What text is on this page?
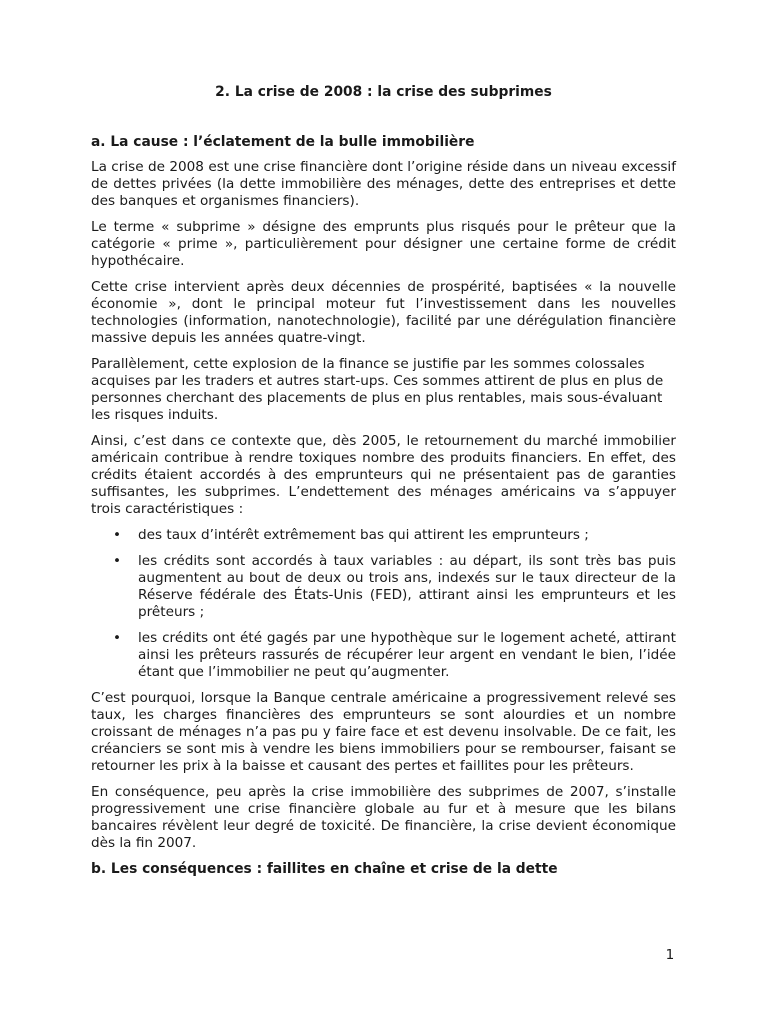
2. La crise de 2008 : la crise des subprimes
a. La cause : l’éclatement de la bulle immobilière

La crise de 2008 est une crise financière dont l’origine réside dans un niveau excessif de dettes privées (la dette immobilière des ménages, dette des entreprises et dette des banques et organismes financiers).

Le terme « subprime » désigne des emprunts plus risqués pour le prêteur que la catégorie « prime », particulièrement pour désigner une certaine forme de crédit hypothécaire.

Cette crise intervient après deux décennies de prospérité, baptisées « la nouvelle économie », dont le principal moteur fut l’investissement dans les nouvelles technologies (information, nanotechnologie), facilité par une dérégulation financière massive depuis les années quatre-vingt.

Parallèlement, cette explosion de la finance se justifie par les sommes colossales acquises par les traders et autres start-ups. Ces sommes attirent de plus en plus de personnes cherchant des placements de plus en plus rentables, mais sous-évaluant les risques induits.

Ainsi, c’est dans ce contexte que, dès 2005, le retournement du marché immobilier américain contribue à rendre toxiques nombre des produits financiers. En effet, des crédits étaient accordés à des emprunteurs qui ne présentaient pas de garanties suffisantes, les subprimes. L’endettement des ménages américains va s’appuyer trois caractéristiques :

• des taux d’intérêt extrêmement bas qui attirent les emprunteurs ;
• les crédits sont accordés à taux variables : au départ, ils sont très bas puis augmentent au bout de deux ou trois ans, indexés sur le taux directeur de la Réserve fédérale des États-Unis (FED), attirant ainsi les emprunteurs et les prêteurs ;
• les crédits ont été gagés par une hypothèque sur le logement acheté, attirant ainsi les prêteurs rassurés de récupérer leur argent en vendant le bien, l’idée étant que l’immobilier ne peut qu’augmenter.

C’est pourquoi, lorsque la Banque centrale américaine a progressivement relevé ses taux, les charges financières des emprunteurs se sont alourdies et un nombre croissant de ménages n’a pas pu y faire face et est devenu insolvable. De ce fait, les créanciers se sont mis à vendre les biens immobiliers pour se rembourser, faisant se retourner les prix à la baisse et causant des pertes et faillites pour les prêteurs.

En conséquence, peu après la crise immobilière des subprimes de 2007, s’installe progressivement une crise financière globale au fur et à mesure que les bilans bancaires révèlent leur degré de toxicité. De financière, la crise devient économique dès la fin 2007.

b. Les conséquences : faillites en chaîne et crise de la dette
1
